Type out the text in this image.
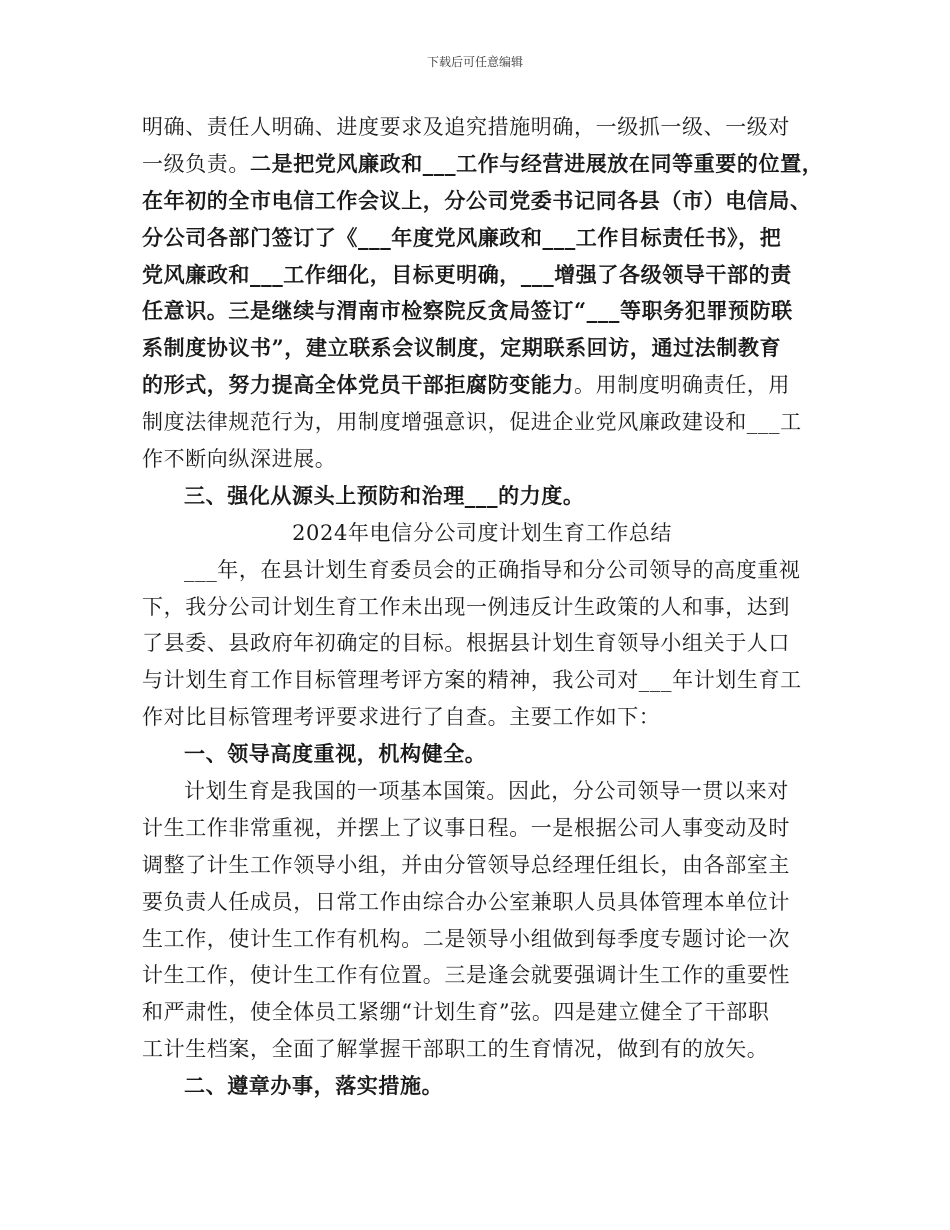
下载后可任意编辑
明确、责任人明确、进度要求及追究措施明确，一级抓一级、一级对
一级负责。二是把党风廉政和___工作与经营进展放在同等重要的位置，
在年初的全市电信工作会议上，分公司党委书记同各县（市）电信局、
分公司各部门签订了《___年度党风廉政和___工作目标责任书》，把
党风廉政和___工作细化，目标更明确，___增强了各级领导干部的责
任意识。三是继续与渭南市检察院反贪局签订“___等职务犯罪预防联
系制度协议书”，建立联系会议制度，定期联系回访，通过法制教育
的形式，努力提高全体党员干部拒腐防变能力。用制度明确责任，用
制度法律规范行为，用制度增强意识，促进企业党风廉政建设和___工
作不断向纵深进展。
三、强化从源头上预防和治理___的力度。
2024年电信分公司度计划生育工作总结
___年，在县计划生育委员会的正确指导和分公司领导的高度重视
下，我分公司计划生育工作未出现一例违反计生政策的人和事，达到
了县委、县政府年初确定的目标。根据县计划生育领导小组关于人口
与计划生育工作目标管理考评方案的精神，我公司对___年计划生育工
作对比目标管理考评要求进行了自查。主要工作如下：
一、领导高度重视，机构健全。
计划生育是我国的一项基本国策。因此，分公司领导一贯以来对
计生工作非常重视，并摆上了议事日程。一是根据公司人事变动及时
调整了计生工作领导小组，并由分管领导总经理任组长，由各部室主
要负责人任成员，日常工作由综合办公室兼职人员具体管理本单位计
生工作，使计生工作有机构。二是领导小组做到每季度专题讨论一次
计生工作，使计生工作有位置。三是逢会就要强调计生工作的重要性
和严肃性，使全体员工紧绷“计划生育”弦。四是建立健全了干部职
工计生档案，全面了解掌握干部职工的生育情况，做到有的放矢。
二、遵章办事，落实措施。
